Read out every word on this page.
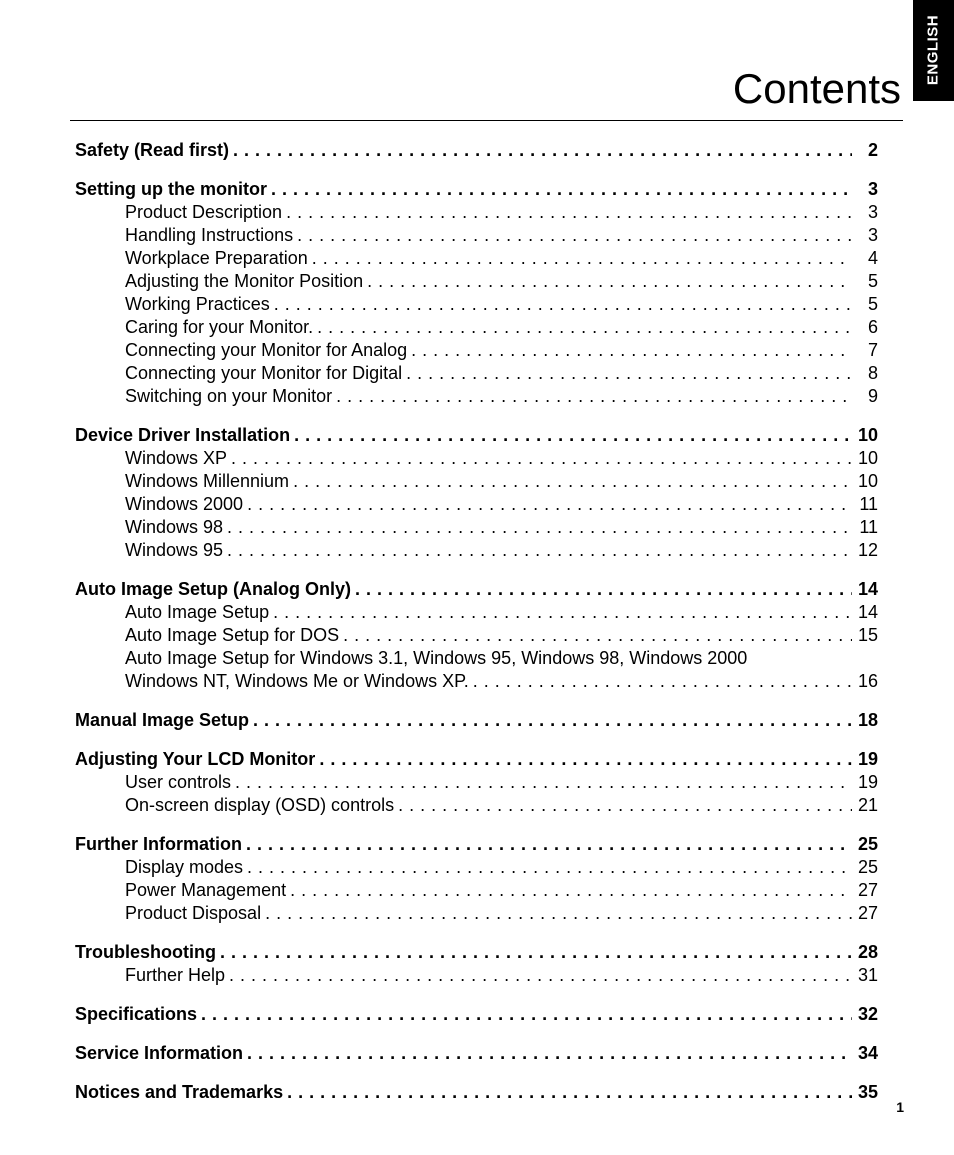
ENGLISH
Contents
Safety (Read first) . . .	2
Setting up the monitor . . .	3
Product Description . . .	3
Handling Instructions . . .	3
Workplace Preparation . . .	4
Adjusting the Monitor Position . . .	5
Working Practices . . .	5
Caring for your Monitor. . . .	6
Connecting your Monitor for Analog . . .	7
Connecting your Monitor for Digital . . .	8
Switching on your Monitor . . .	9
Device Driver Installation . . .	10
Windows XP . . .	10
Windows Millennium . . .	10
Windows 2000 . . .	11
Windows 98 . . .	11
Windows 95 . . .	12
Auto Image Setup (Analog Only) . . .	14
Auto Image Setup . . .	14
Auto Image Setup for DOS . . .	15
Auto Image Setup for Windows 3.1, Windows 95, Windows 98, Windows 2000
Windows NT, Windows Me or Windows XP. . . .	16
Manual Image Setup . . .	18
Adjusting Your LCD Monitor . . .	19
User controls . . .	19
On-screen display (OSD) controls . . .	21
Further Information . . .	25
Display modes . . .	25
Power Management . . .	27
Product Disposal . . .	27
Troubleshooting . . .	28
Further Help . . .	31
Specifications . . .	32
Service Information . . .	34
Notices and Trademarks . . .	35
1
